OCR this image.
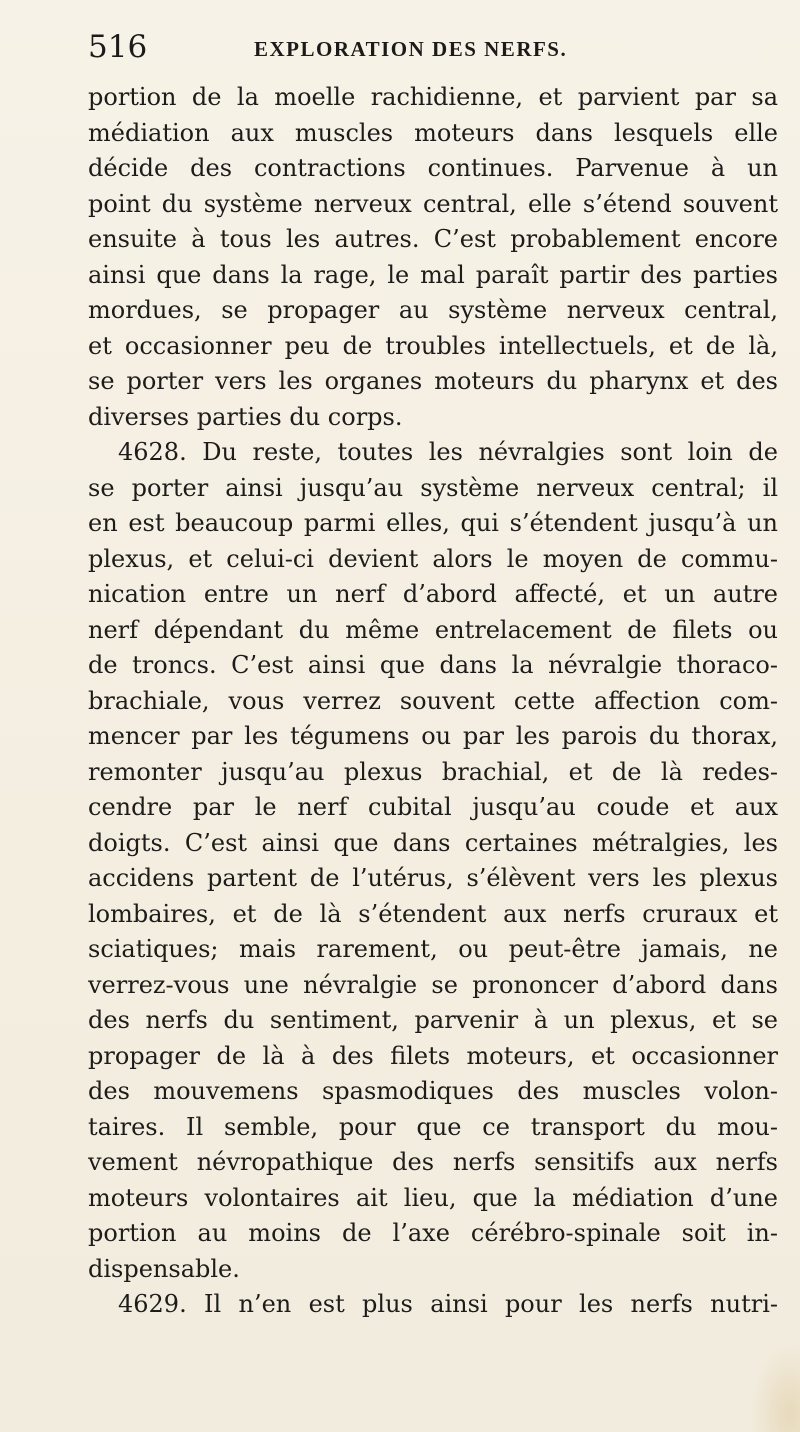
516	EXPLORATION DES NERFS.
portion de la moelle rachidienne, et parvient par sa
médiation aux muscles moteurs dans lesquels elle
décide des contractions continues. Parvenue à un
point du système nerveux central, elle s’étend souvent
ensuite à tous les autres. C’est probablement encore
ainsi que dans la rage, le mal paraît partir des parties
mordues, se propager au système nerveux central,
et occasionner peu de troubles intellectuels, et de là,
se porter vers les organes moteurs du pharynx et des
diverses parties du corps.
4628. Du reste, toutes les névralgies sont loin de
se porter ainsi jusqu’au système nerveux central; il
en est beaucoup parmi elles, qui s’étendent jusqu’à un
plexus, et celui-ci devient alors le moyen de commu-
nication entre un nerf d’abord affecté, et un autre
nerf dépendant du même entrelacement de filets ou
de troncs. C’est ainsi que dans la névralgie thoraco-
brachiale, vous verrez souvent cette affection com-
mencer par les tégumens ou par les parois du thorax,
remonter jusqu’au plexus brachial, et de là redes-
cendre par le nerf cubital jusqu’au coude et aux
doigts. C’est ainsi que dans certaines métralgies, les
accidens partent de l’utérus, s’élèvent vers les plexus
lombaires, et de là s’étendent aux nerfs cruraux et
sciatiques; mais rarement, ou peut-être jamais, ne
verrez-vous une névralgie se prononcer d’abord dans
des nerfs du sentiment, parvenir à un plexus, et se
propager de là à des filets moteurs, et occasionner
des mouvemens spasmodiques des muscles volon-
taires. Il semble, pour que ce transport du mou-
vement névropathique des nerfs sensitifs aux nerfs
moteurs volontaires ait lieu, que la médiation d’une
portion au moins de l’axe cérébro-spinale soit in-
dispensable.
4629. Il n’en est plus ainsi pour les nerfs nutri-
